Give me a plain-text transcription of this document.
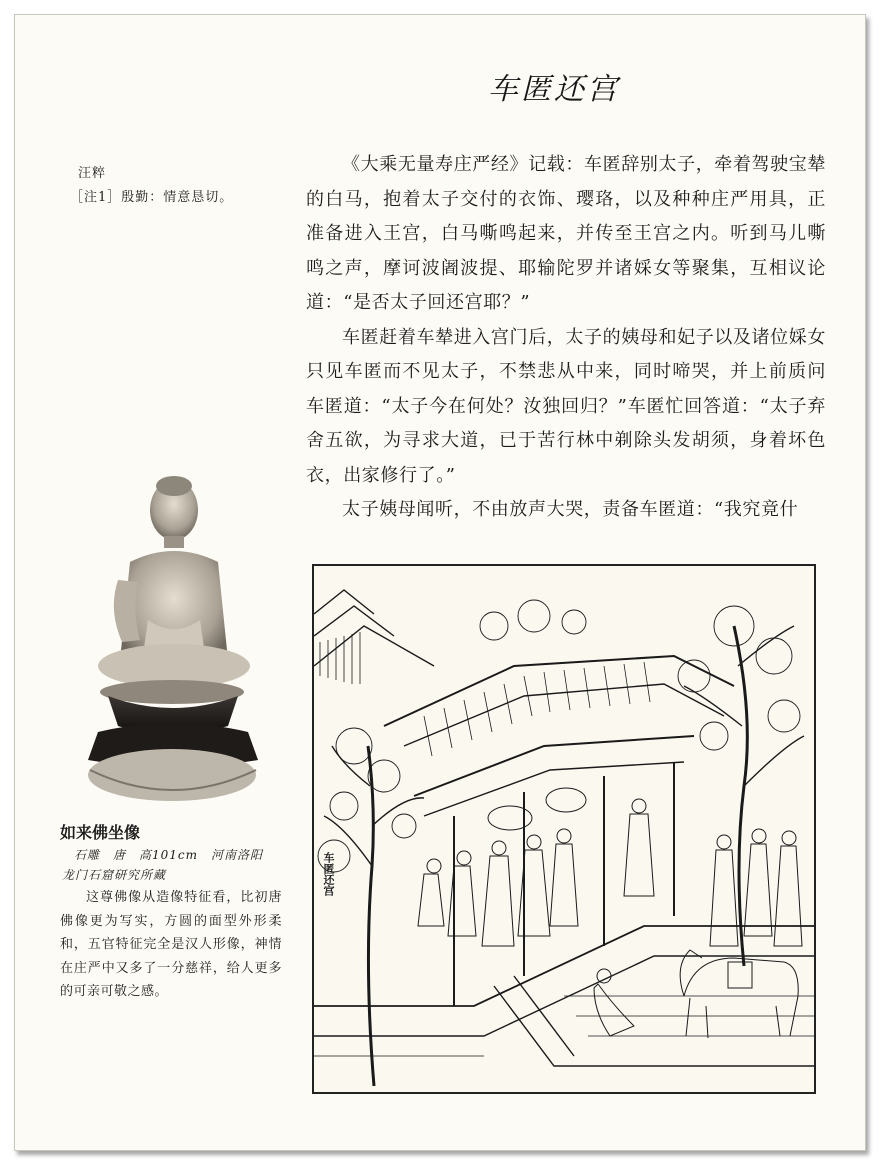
车匿还宫
汪粹
［注1］殷勤：情意恳切。

《大乘无量寿庄严经》记载：车匿辞别太子，牵着驾驶宝辇的白马，抱着太子交付的衣饰、璎珞，以及种种庄严用具，正准备进入王宫，白马嘶鸣起来，并传至王宫之内。听到马儿嘶鸣之声，摩诃波阇波提、耶输陀罗并诸婇女等聚集，互相议论道：“是否太子回还宫耶？”

车匿赶着车辇进入宫门后，太子的姨母和妃子以及诸位婇女只见车匿而不见太子，不禁悲从中来，同时啼哭，并上前质问车匿道：“太子今在何处？汝独回归？”车匿忙回答道：“太子弃舍五欲，为寻求大道，已于苦行林中剃除头发胡须，身着坏色衣，出家修行了。”

太子姨母闻听，不由放声大哭，责备车匿道：“我究竟什

如来佛坐像
石雕　唐　高101cm　河南洛阳
龙门石窟研究所藏

这尊佛像从造像特征看，比初唐佛像更为写实，方圆的面型外形柔和，五官特征完全是汉人形像，神情在庄严中又多了一分慈祥，给人更多的可亲可敬之感。

车匿还宫
